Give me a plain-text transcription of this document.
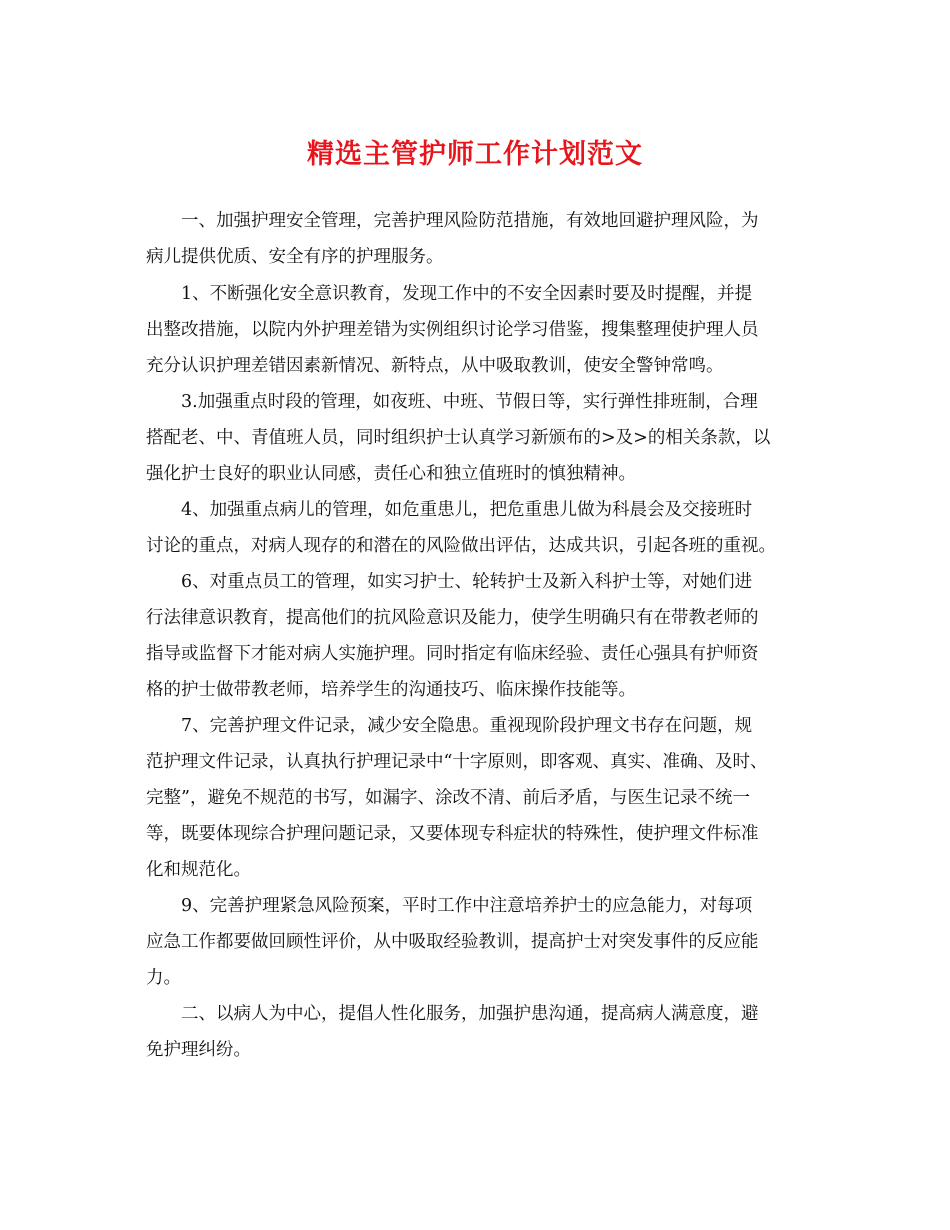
精选主管护师工作计划范文

一、加强护理安全管理，完善护理风险防范措施，有效地回避护理风险，为

病儿提供优质、安全有序的护理服务。

1、不断强化安全意识教育，发现工作中的不安全因素时要及时提醒，并提

出整改措施，以院内外护理差错为实例组织讨论学习借鉴，搜集整理使护理人员

充分认识护理差错因素新情况、新特点，从中吸取教训，使安全警钟常鸣。

3.加强重点时段的管理，如夜班、中班、节假日等，实行弹性排班制，合理

搭配老、中、青值班人员，同时组织护士认真学习新颁布的>及>的相关条款，以

强化护士良好的职业认同感，责任心和独立值班时的慎独精神。

4、加强重点病儿的管理，如危重患儿，把危重患儿做为科晨会及交接班时

讨论的重点，对病人现存的和潜在的风险做出评估，达成共识，引起各班的重视。

6、对重点员工的管理，如实习护士、轮转护士及新入科护士等，对她们进

行法律意识教育，提高他们的抗风险意识及能力，使学生明确只有在带教老师的

指导或监督下才能对病人实施护理。同时指定有临床经验、责任心强具有护师资

格的护士做带教老师，培养学生的沟通技巧、临床操作技能等。

7、完善护理文件记录，减少安全隐患。重视现阶段护理文书存在问题，规

范护理文件记录，认真执行护理记录中“十字原则，即客观、真实、准确、及时、

完整”，避免不规范的书写，如漏字、涂改不清、前后矛盾，与医生记录不统一

等，既要体现综合护理问题记录，又要体现专科症状的特殊性，使护理文件标准

化和规范化。

9、完善护理紧急风险预案，平时工作中注意培养护士的应急能力，对每项

应急工作都要做回顾性评价，从中吸取经验教训，提高护士对突发事件的反应能

力。

二、以病人为中心，提倡人性化服务，加强护患沟通，提高病人满意度，避

免护理纠纷。
